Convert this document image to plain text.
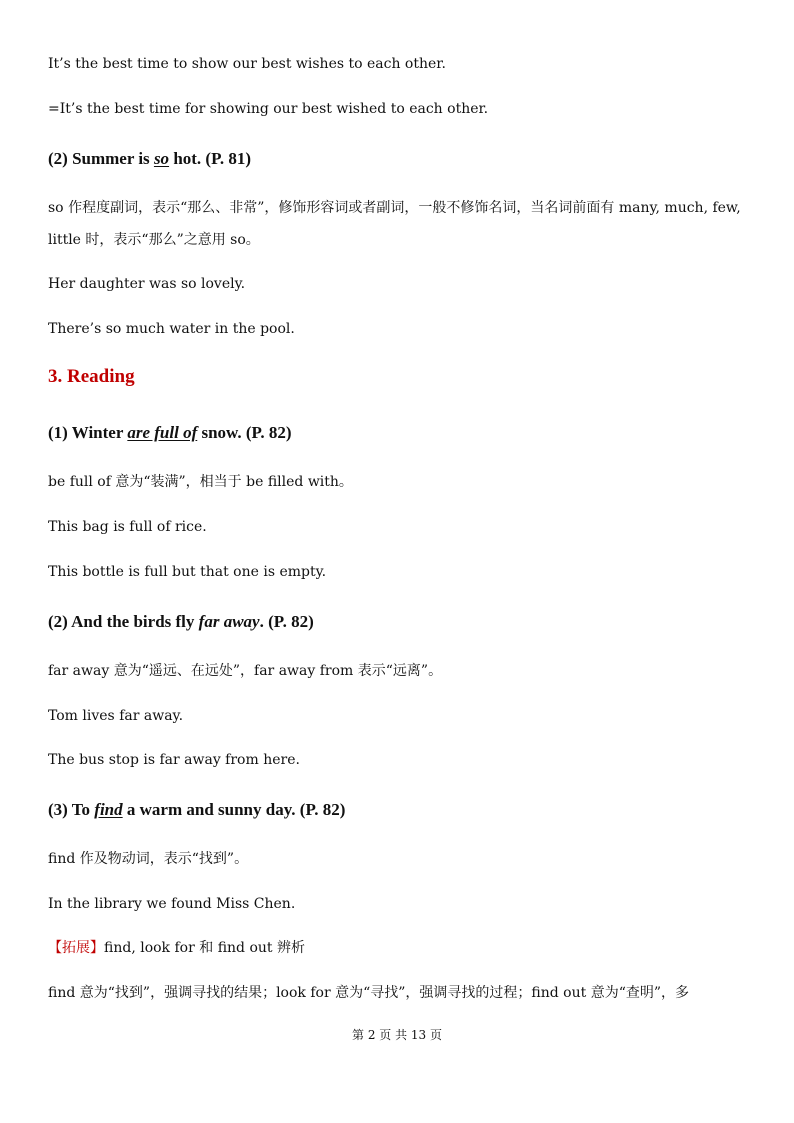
It’s the best time to show our best wishes to each other.
=It’s the best time for showing our best wished to each other.
(2) Summer is so hot. (P. 81)
so 作程度副词，表示“那么、非常”，修饰形容词或者副词，一般不修饰名词，当名词前面有 many, much, few, little 时，表示“那么”之意用 so。
Her daughter was so lovely.
There’s so much water in the pool.
3. Reading
(1) Winter are full of snow. (P. 82)
be full of 意为“装满”，相当于 be filled with。
This bag is full of rice.
This bottle is full but that one is empty.
(2) And the birds fly far away. (P. 82)
far away 意为“遥远、在远处”，far away from 表示“远离”。
Tom lives far away.
The bus stop is far away from here.
(3) To find a warm and sunny day. (P. 82)
find 作及物动词，表示“找到”。
In the library we found Miss Chen.
【拓展】find, look for 和 find out 辨析
find 意为“找到”，强调寻找的结果；look for 意为“寻找”，强调寻找的过程；find out 意为“查明”，多
第 2 页 共 13 页
